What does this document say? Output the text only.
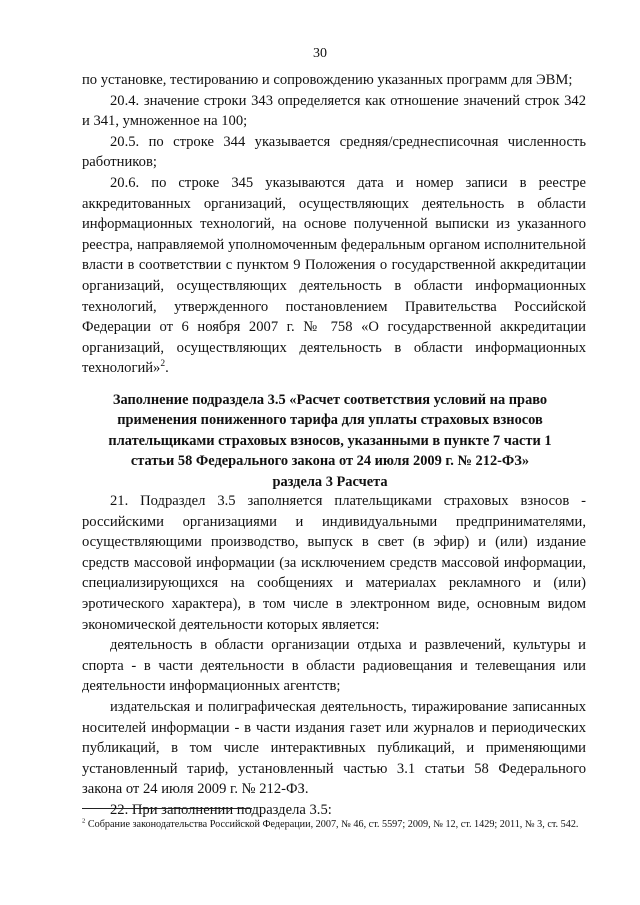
30

по установке, тестированию и сопровождению указанных программ для ЭВМ;

20.4. значение строки 343 определяется как отношение значений строк 342 и 341, умноженное на 100;

20.5. по строке 344 указывается средняя/среднесписочная численность работников;

20.6. по строке 345 указываются дата и номер записи в реестре аккредитованных организаций, осуществляющих деятельность в области информационных технологий, на основе полученной выписки из указанного реестра, направляемой уполномоченным федеральным органом исполнительной власти в соответствии с пунктом 9 Положения о государственной аккредитации организаций, осуществляющих деятельность в области информационных технологий, утвержденного постановлением Правительства Российской Федерации от 6 ноября 2007 г. № 758 «О государственной аккредитации организаций, осуществляющих деятельность в области информационных технологий»$^2$.

Заполнение подраздела 3.5 «Расчет соответствия условий на право
применения пониженного тарифа для уплаты страховых взносов
плательщиками страховых взносов, указанными в пункте 7 части 1
статьи 58 Федерального закона от 24 июля 2009 г. № 212-ФЗ»
раздела 3 Расчета

21. Подраздел 3.5 заполняется плательщиками страховых взносов - российскими организациями и индивидуальными предпринимателями, осуществляющими производство, выпуск в свет (в эфир) и (или) издание средств массовой информации (за исключением средств массовой информации, специализирующихся на сообщениях и материалах рекламного и (или) эротического характера), в том числе в электронном виде, основным видом экономической деятельности которых является:

деятельность в области организации отдыха и развлечений, культуры и спорта - в части деятельности в области радиовещания и телевещания или деятельности информационных агентств;

издательская и полиграфическая деятельность, тиражирование записанных носителей информации - в части издания газет или журналов и периодических публикаций, в том числе интерактивных публикаций, и применяющими установленный тариф, установленный частью 3.1 статьи 58 Федерального закона от 24 июля 2009 г. № 212-ФЗ.

22. При заполнении подраздела 3.5:

$^2$ Собрание законодательства Российской Федерации, 2007, № 46, ст. 5597; 2009, № 12, ст. 1429; 2011, № 3, ст. 542.
